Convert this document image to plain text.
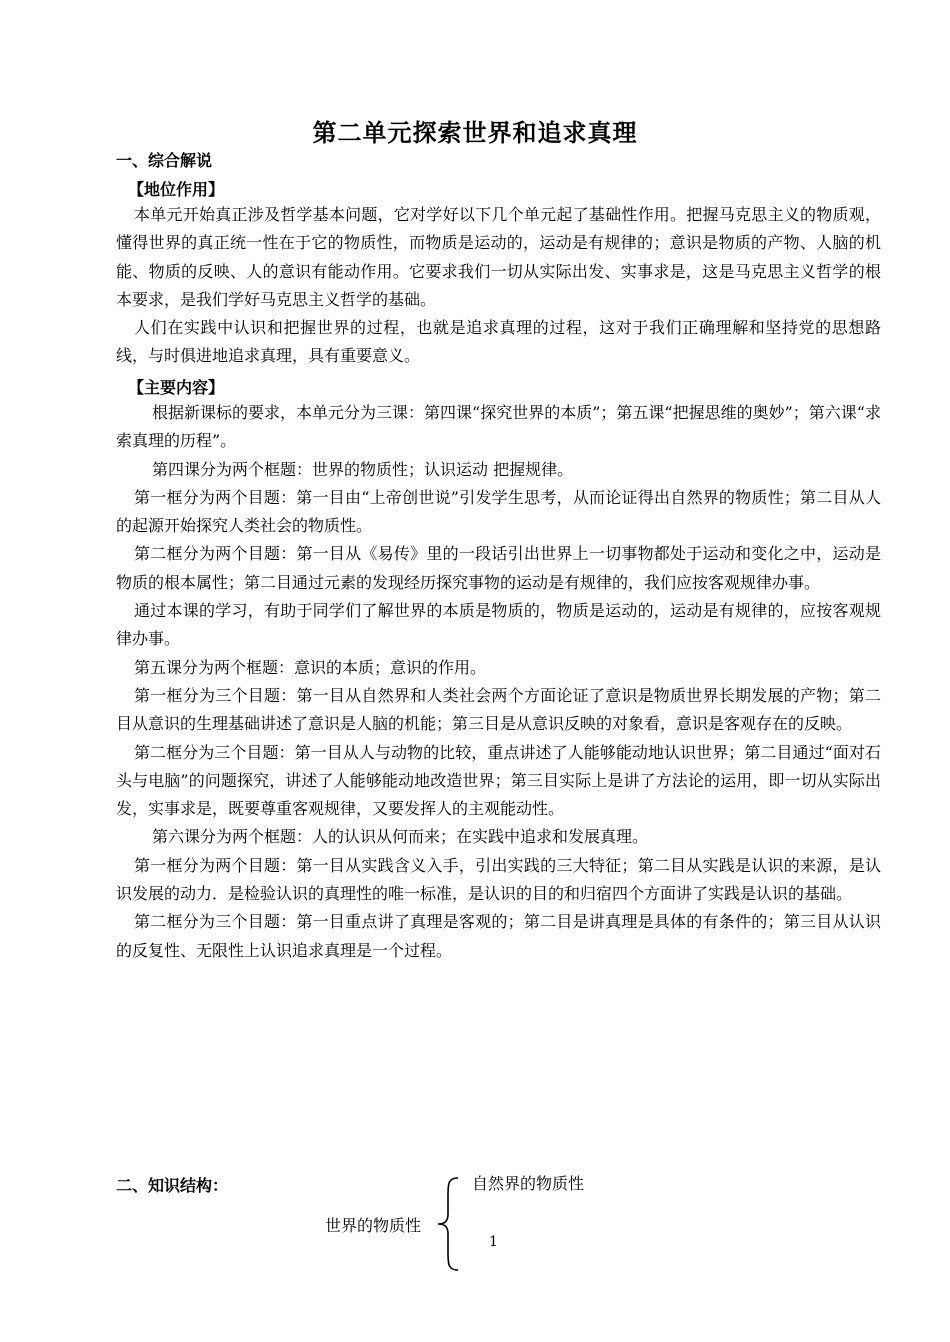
第二单元探索世界和追求真理
一、综合解说
【地位作用】

本单元开始真正涉及哲学基本问题，它对学好以下几个单元起了基础性作用。把握马克思主义的物质观，懂得世界的真正统一性在于它的物质性，而物质是运动的，运动是有规律的；意识是物质的产物、人脑的机能、物质的反映、人的意识有能动作用。它要求我们一切从实际出发、实事求是，这是马克思主义哲学的根本要求，是我们学好马克思主义哲学的基础。

人们在实践中认识和把握世界的过程，也就是追求真理的过程，这对于我们正确理解和坚持党的思想路线，与时俱进地追求真理，具有重要意义。

【主要内容】

根据新课标的要求，本单元分为三课：第四课“探究世界的本质”；第五课“把握思维的奥妙”；第六课“求索真理的历程”。

第四课分为两个框题：世界的物质性；认识运动 把握规律。

第一框分为两个目题：第一目由“上帝创世说”引发学生思考，从而论证得出自然界的物质性；第二目从人的起源开始探究人类社会的物质性。

第二框分为两个目题：第一目从《易传》里的一段话引出世界上一切事物都处于运动和变化之中，运动是物质的根本属性；第二目通过元素的发现经历探究事物的运动是有规律的，我们应按客观规律办事。

通过本课的学习，有助于同学们了解世界的本质是物质的，物质是运动的，运动是有规律的，应按客观规律办事。

第五课分为两个框题：意识的本质；意识的作用。

第一框分为三个目题：第一目从自然界和人类社会两个方面论证了意识是物质世界长期发展的产物；第二目从意识的生理基础讲述了意识是人脑的机能；第三目是从意识反映的对象看，意识是客观存在的反映。

第二框分为三个目题：第一目从人与动物的比较，重点讲述了人能够能动地认识世界；第二目通过“面对石头与电脑”的问题探究，讲述了人能够能动地改造世界；第三目实际上是讲了方法论的运用，即一切从实际出发，实事求是，既要尊重客观规律，又要发挥人的主观能动性。

第六课分为两个框题：人的认识从何而来；在实践中追求和发展真理。

第一框分为两个目题：第一目从实践含义入手，引出实践的三大特征；第二目从实践是认识的来源，是认识发展的动力．是检验认识的真理性的唯一标准，是认识的目的和归宿四个方面讲了实践是认识的基础。

第二框分为三个目题：第一目重点讲了真理是客观的；第二目是讲真理是具体的有条件的；第三目从认识的反复性、无限性上认识追求真理是一个过程。

二、知识结构：
世界的物质性
自然界的物质性
1
